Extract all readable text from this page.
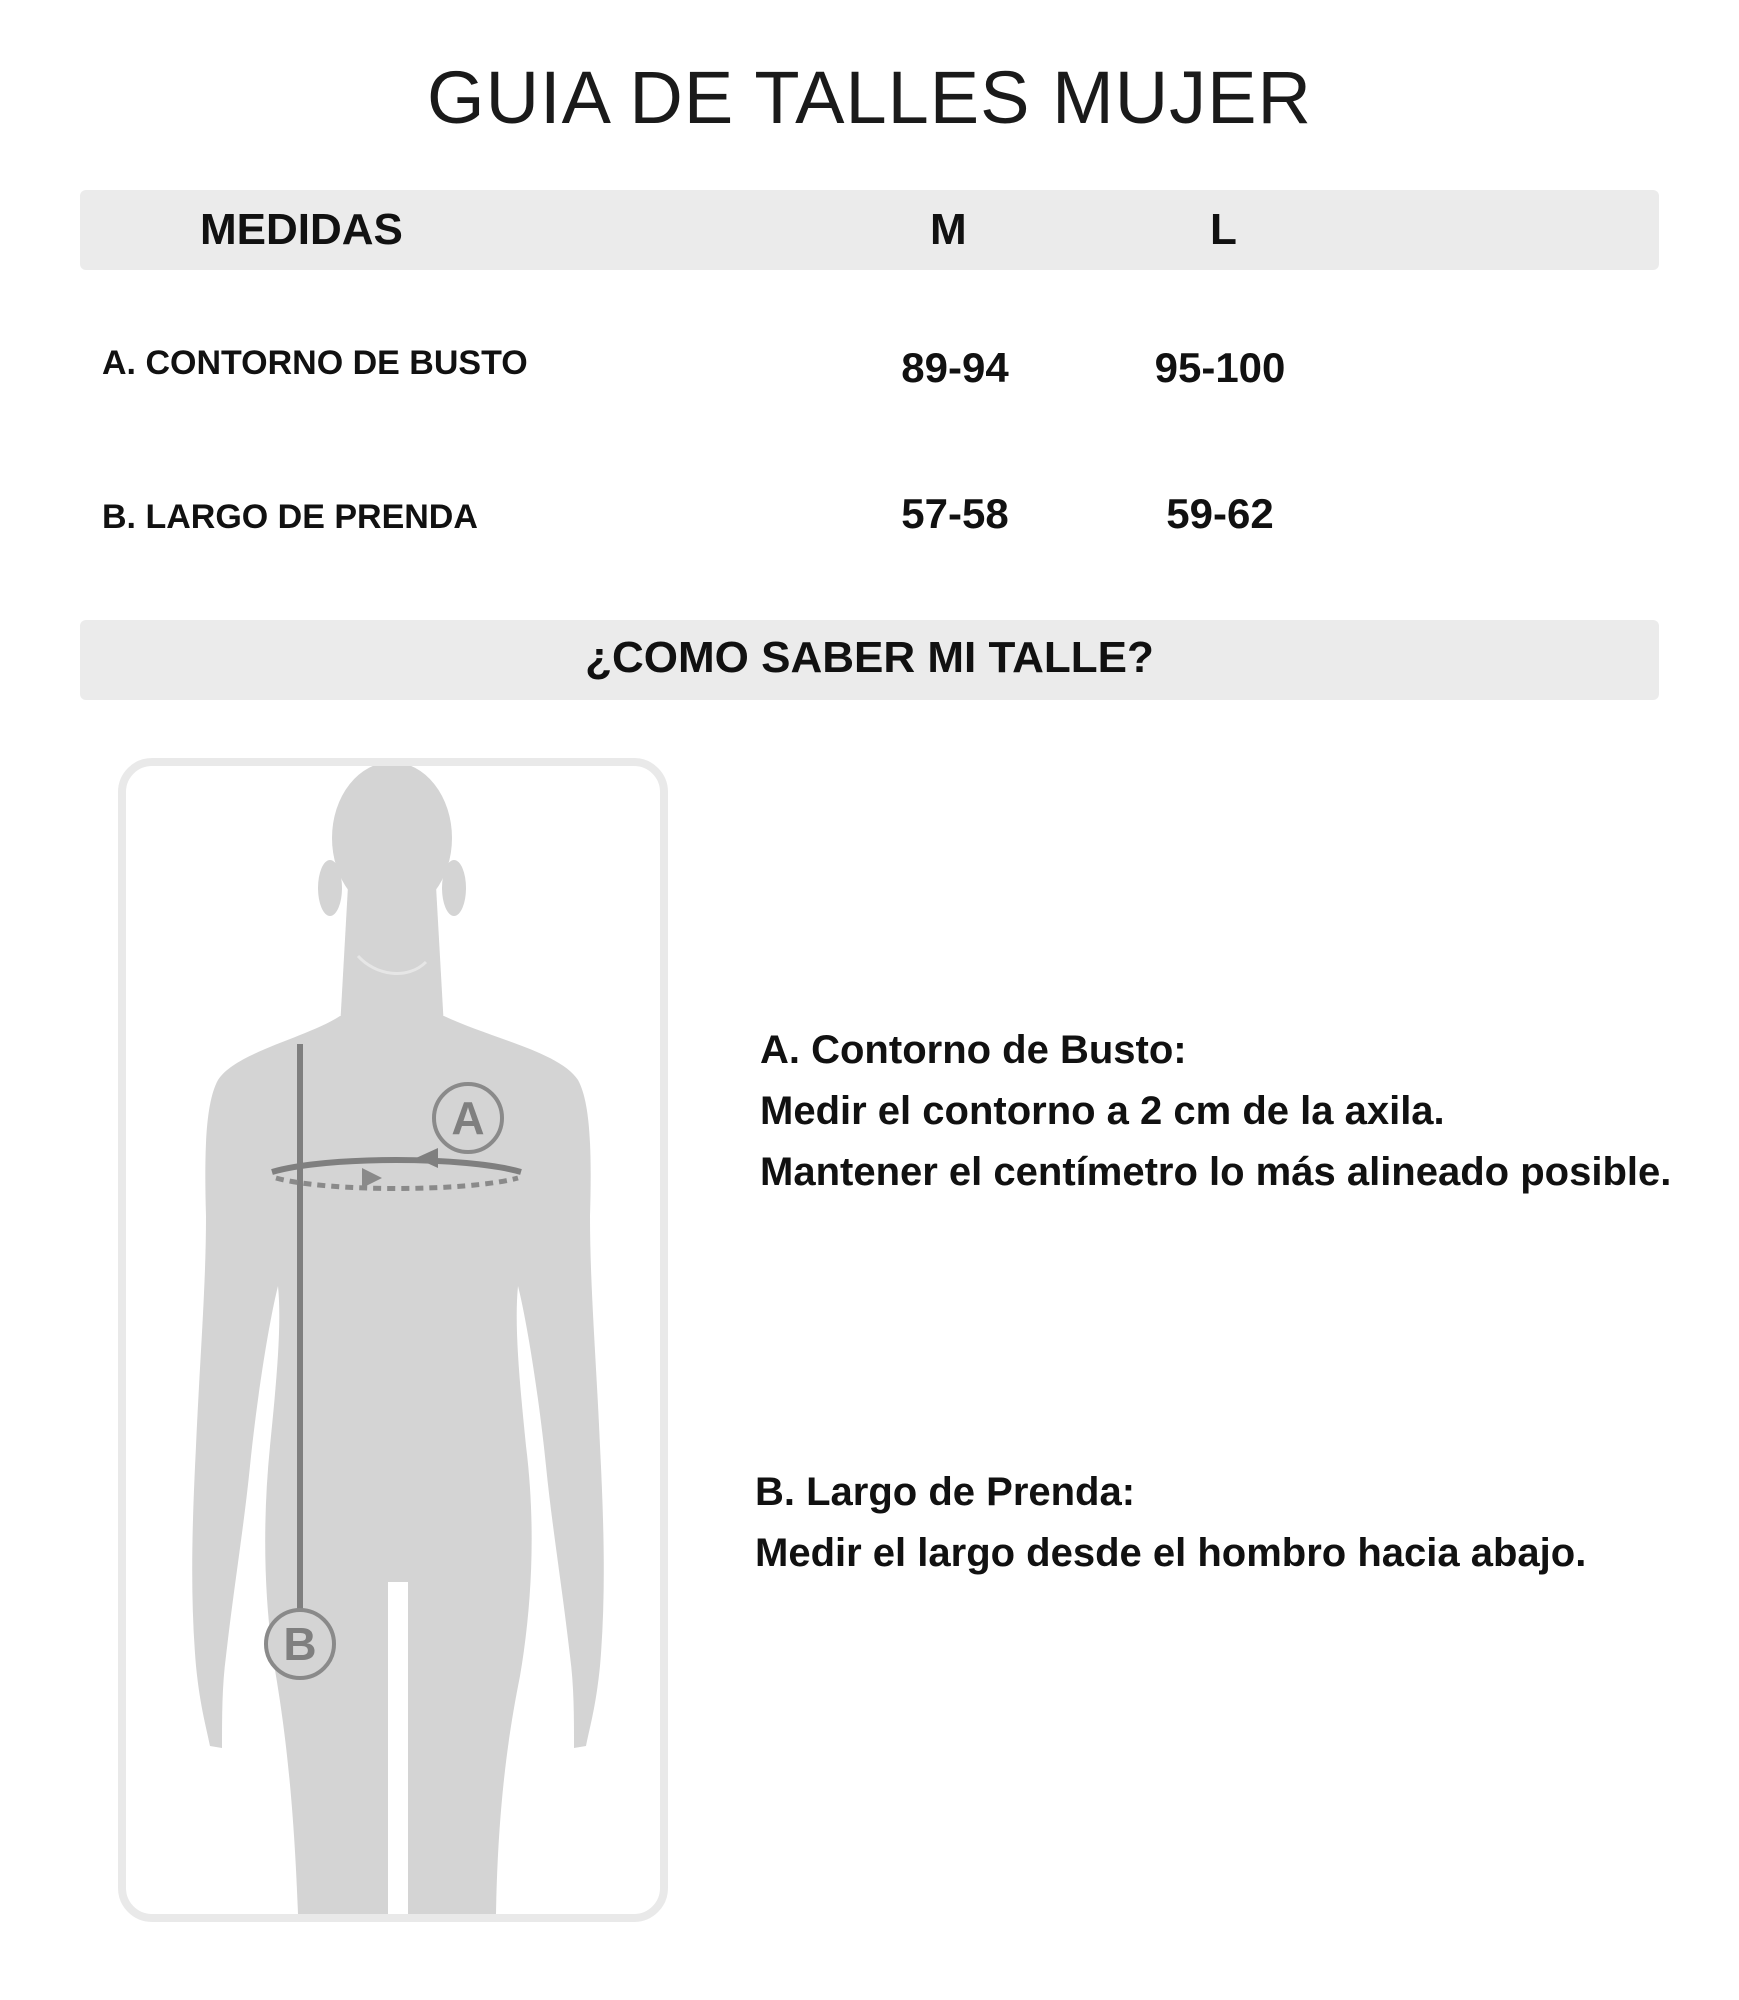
GUIA DE TALLES MUJER
MEDIDAS	M	L
A. CONTORNO DE BUSTO	89-94	95-100
B. LARGO DE PRENDA	57-58	59-62
¿COMO SABER MI TALLE?
A
B
A. Contorno de Busto:
Medir el contorno a 2 cm de la axila.
Mantener el centímetro lo más alineado posible.
B. Largo de Prenda:
Medir el largo desde el hombro hacia abajo.
